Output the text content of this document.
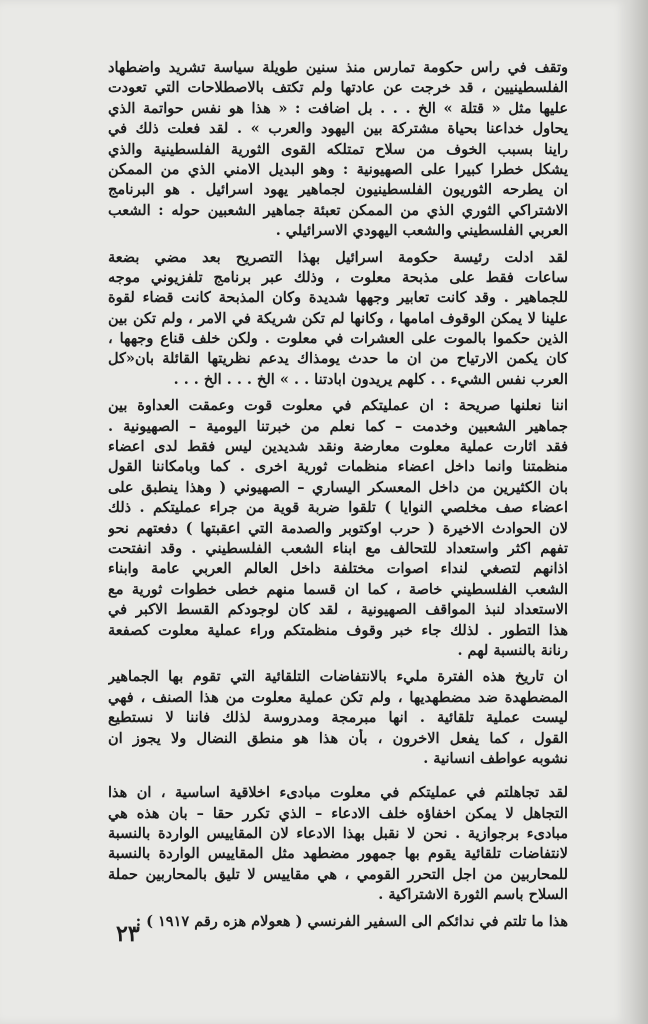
وتقف في راس حكومة تمارس منذ سنين طويلة سياسة تشريد واضطهاد
الفلسطينيين ، قد خرجت عن عادتها ولم تكتف بالاصطلاحات التي تعودت
عليها مثل « قتلة » الخ . . . بل اضافت : « هذا هو نفس حواتمة الذي
يحاول خداعنا بحياة مشتركة بين اليهود والعرب » . لقد فعلت ذلك في
راينا بسبب الخوف من سلاح تمتلكه القوى الثورية الفلسطينية والذي
يشكل خطرا كبيرا على الصهيونية : وهو البديل الامني الذي من الممكن
ان يطرحه الثوريون الفلسطينيون لجماهير يهود اسرائيل . هو البرنامج
الاشتراكي الثوري الذي من الممكن تعبئة جماهير الشعبين حوله : الشعب
العربي الفلسطيني والشعب اليهودي الاسرائيلي .
لقد ادلت رئيسة حكومة اسرائيل بهذا التصريح بعد مضي بضعة
ساعات فقط على مذبحة معلوت ، وذلك عبر برنامج تلفزيوني موجه
للجماهير . وقد كانت تعابير وجهها شديدة وكان المذبحة كانت قضاء لقوة
علينا لا يمكن الوقوف امامها ، وكانها لم تكن شريكة في الامر ، ولم تكن بين
الذين حكموا بالموت على العشرات في معلوت . ولكن خلف قناع وجهها ،
كان يكمن الارتياح من ان ما حدث يومذاك يدعم نظريتها القائلة بان«كل
العرب نفس الشيء . . كلهم يريدون ابادتنا . . » الخ . . . الخ . . .
اننا نعلنها صريحة : ان عمليتكم في معلوت قوت وعمقت العداوة بين
جماهير الشعبين وخدمت – كما نعلم من خبرتنا اليومية – الصهيونية .
فقد اثارت عملية معلوت معارضة ونقد شديدين ليس فقط لدى اعضاء
منظمتنا وانما داخل اعضاء منظمات ثورية اخرى . كما وبامكاننا القول
بان الكثيرين من داخل المعسكر اليساري – الصهيوني ( وهذا ينطبق على
اعضاء صف مخلصي النوايا ) تلقوا ضربة قوية من جراء عمليتكم . ذلك
لان الحوادث الاخيرة ( حرب اوكتوبر والصدمة التي اعقبتها ) دفعتهم نحو
تفهم اكثر واستعداد للتحالف مع ابناء الشعب الفلسطيني . وقد انفتحت
اذانهم لتصغي لنداء اصوات مختلفة داخل العالم العربي عامة وابناء
الشعب الفلسطيني خاصة ، كما ان قسما منهم خطى خطوات ثورية مع
الاستعداد لنبذ المواقف الصهيونية ، لقد كان لوجودكم القسط الاكبر في
هذا التطور . لذلك جاء خبر وقوف منظمتكم وراء عملية معلوت كصفعة
رنانة بالنسبة لهم .
ان تاريخ هذه الفترة مليء بالانتفاضات التلقائية التي تقوم بها الجماهير
المضطهدة ضد مضطهديها ، ولم تكن عملية معلوت من هذا الصنف ، فهي
ليست عملية تلقائية . انها مبرمجة ومدروسة لذلك فاننا لا نستطيع
القول ، كما يفعل الاخرون ، بأن هذا هو منطق النضال ولا يجوز ان
نشوبه عواطف انسانية .
لقد تجاهلتم في عمليتكم في معلوت مبادىء اخلاقية اساسية ، ان هذا
التجاهل لا يمكن اخفاؤه خلف الادعاء – الذي تكرر حقا – بان هذه هي
مبادىء برجوازية . نحن لا نقبل بهذا الادعاء لان المقاييس الواردة بالنسبة
لانتفاضات تلقائية يقوم بها جمهور مضطهد مثل المقاييس الواردة بالنسبة
للمحاربين من اجل التحرر القومي ، هي مقاييس لا تليق بالمحاربين حملة
السلاح باسم الثورة الاشتراكية .
هذا ما تلتم في ندائكم الى السفير الفرنسي ( هعولام هزه رقم ١٩١٧ ) :
٢٣
